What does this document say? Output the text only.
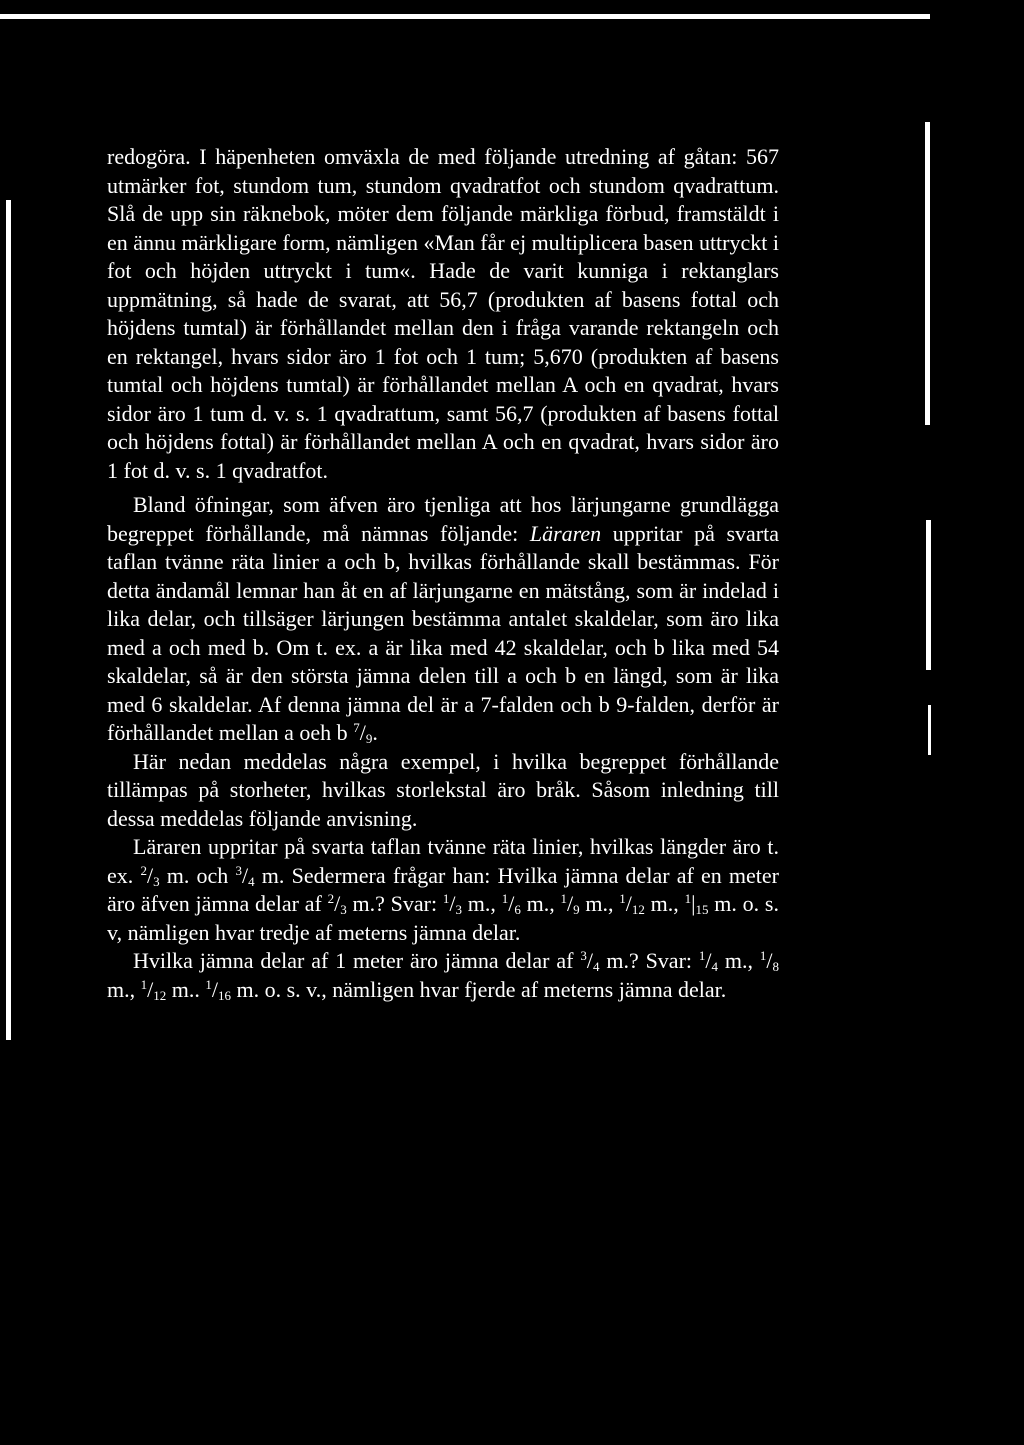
redogöra. I häpenheten omväxla de med följande utredning af gåtan: 567 utmärker fot, stundom tum, stundom qvadratfot och stundom qvadrattum. Slå de upp sin räknebok, möter dem följande märkliga förbud, framstäldt i en ännu märkligare form, nämligen «Man får ej multiplicera basen uttryckt i fot och höjden uttryckt i tum«. Hade de varit kunniga i rektanglars uppmätning, så hade de svarat, att 56,7 (produkten af basens fottal och höjdens tumtal) är förhållandet mellan den i fråga varande rektangeln och en rektangel, hvars sidor äro 1 fot och 1 tum; 5,670 (produkten af basens tumtal och höjdens tumtal) är förhållandet mellan A och en qvadrat, hvars sidor äro 1 tum d. v. s. 1 qvadrattum, samt 56,7 (produkten af basens fottal och höjdens fottal) är förhållandet mellan A och en qvadrat, hvars sidor äro 1 fot d. v. s. 1 qvadratfot.

Bland öfningar, som äfven äro tjenliga att hos lärjungarne grundlägga begreppet förhållande, må nämnas följande: Läraren uppritar på svarta taflan tvänne räta linier a och b, hvilkas förhållande skall bestämmas. För detta ändamål lemnar han åt en af lärjungarne en mätstång, som är indelad i lika delar, och tillsäger lärjungen bestämma antalet skaldelar, som äro lika med a och med b. Om t. ex. a är lika med 42 skaldelar, och b lika med 54 skaldelar, så är den största jämna delen till a och b en längd, som är lika med 6 skaldelar. Af denna jämna del är a 7-falden och b 9-falden, derför är förhållandet mellan a oeh b $^7/_9$.

Här nedan meddelas några exempel, i hvilka begreppet förhållande tillämpas på storheter, hvilkas storlekstal äro bråk. Såsom inledning till dessa meddelas följande anvisning.

Läraren uppritar på svarta taflan tvänne räta linier, hvilkas längder äro t. ex. $^2/_3$ m. och $^3/_4$ m. Sedermera frågar han: Hvilka jämna delar af en meter äro äfven jämna delar af $^2/_3$ m.? Svar: $^1/_3$ m., $^1/_6$ m., $^1/_9$ m., $^1/_{12}$ m., $^1|_{15}$ m. o. s. v, nämligen hvar tredje af meterns jämna delar.

Hvilka jämna delar af 1 meter äro jämna delar af $^3/_4$ m.? Svar: $^1/_4$ m., $^1/_8$ m., $^1/_{12}$ m.. $^1/_{16}$ m. o. s. v., nämligen hvar fjerde af meterns jämna delar.
